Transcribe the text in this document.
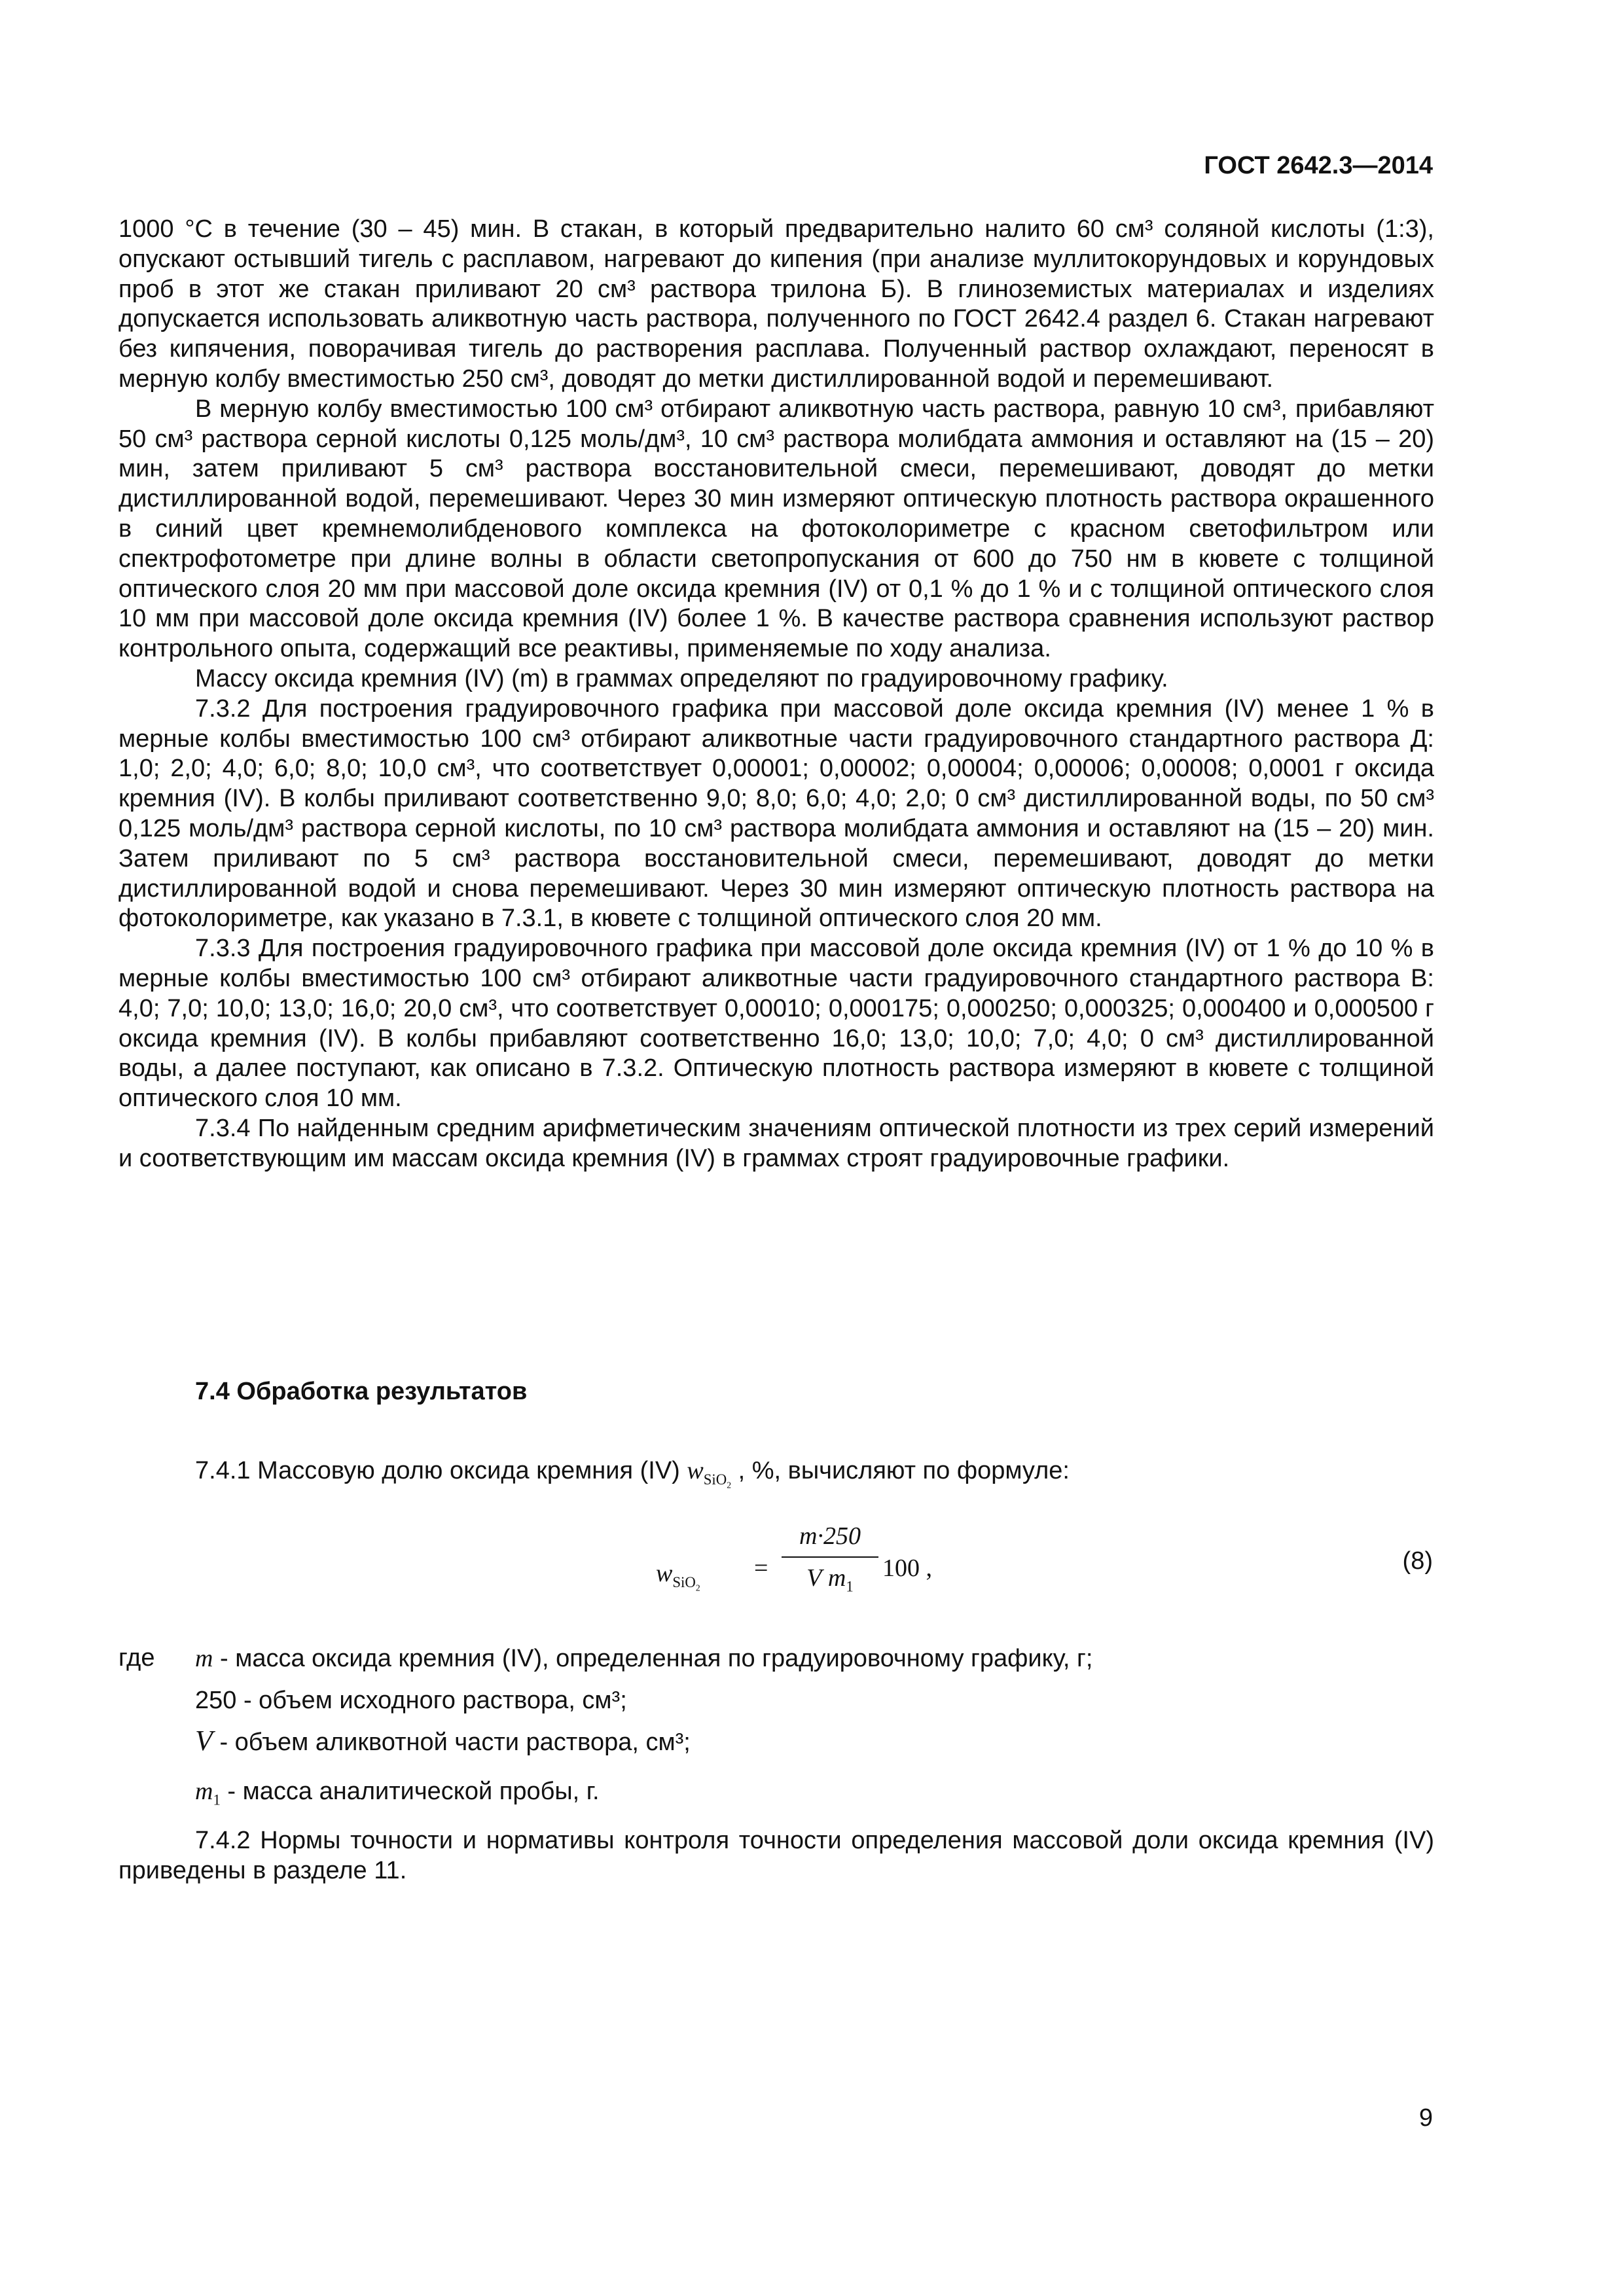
ГОСТ 2642.3—2014

1000 °C в течение (30 – 45) мин. В стакан, в который предварительно налито 60 см³ соляной кислоты (1:3), опускают остывший тигель с расплавом, нагревают до кипения (при анализе муллитокорундовых и корундовых проб в этот же стакан приливают 20 см³ раствора трилона Б). В глиноземистых материалах и изделиях допускается использовать аликвотную часть раствора, полученного по ГОСТ 2642.4 раздел 6. Стакан нагревают без кипячения, поворачивая тигель до растворения расплава. Полученный раствор охлаждают, переносят в мерную колбу вместимостью 250 см³, доводят до метки дистиллированной водой и перемешивают.

В мерную колбу вместимостью 100 см³ отбирают аликвотную часть раствора, равную 10 см³, прибавляют 50 см³ раствора серной кислоты 0,125 моль/дм³, 10 см³ раствора молибдата аммония и оставляют на (15 – 20) мин, затем приливают 5 см³ раствора восстановительной смеси, перемешивают, доводят до метки дистиллированной водой, перемешивают. Через 30 мин измеряют оптическую плотность раствора окрашенного в синий цвет кремнемолибденового комплекса на фотоколориметре с красном светофильтром или спектрофотометре при длине волны в области светопропускания от 600 до 750 нм в кювете с толщиной оптического слоя 20 мм при массовой доле оксида кремния (IV) от 0,1 % до 1 % и с толщиной оптического слоя 10 мм при массовой доле оксида кремния (IV) более 1 %. В качестве раствора сравнения используют раствор контрольного опыта, содержащий все реактивы, применяемые по ходу анализа.

Массу оксида кремния (IV) (m) в граммах определяют по градуировочному графику.

7.3.2 Для построения градуировочного графика при массовой доле оксида кремния (IV) менее 1 % в мерные колбы вместимостью 100 см³ отбирают аликвотные части градуировочного стандартного раствора Д: 1,0; 2,0; 4,0; 6,0; 8,0; 10,0 см³, что соответствует 0,00001; 0,00002; 0,00004; 0,00006; 0,00008; 0,0001 г оксида кремния (IV). В колбы приливают соответственно 9,0; 8,0; 6,0; 4,0; 2,0; 0 см³ дистиллированной воды, по 50 см³ 0,125 моль/дм³ раствора серной кислоты, по 10 см³ раствора молибдата аммония и оставляют на (15 – 20) мин. Затем приливают по 5 см³ раствора восстановительной смеси, перемешивают, доводят до метки дистиллированной водой и снова перемешивают. Через 30 мин измеряют оптическую плотность раствора на фотоколориметре, как указано в 7.3.1, в кювете с толщиной оптического слоя 20 мм.

7.3.3 Для построения градуировочного графика при массовой доле оксида кремния (IV) от 1 % до 10 % в мерные колбы вместимостью 100 см³ отбирают аликвотные части градуировочного стандартного раствора В: 4,0; 7,0; 10,0; 13,0; 16,0; 20,0 см³, что соответствует 0,00010; 0,000175; 0,000250; 0,000325; 0,000400 и 0,000500 г оксида кремния (IV). В колбы прибавляют соответственно 16,0; 13,0; 10,0; 7,0; 4,0; 0 см³ дистиллированной воды, а далее поступают, как описано в 7.3.2. Оптическую плотность раствора измеряют в кювете с толщиной оптического слоя 10 мм.

7.3.4 По найденным средним арифметическим значениям оптической плотности из трех серий измерений и соответствующим им массам оксида кремния (IV) в граммах строят градуировочные графики.

7.4 Обработка результатов
7.4.1 Массовую долю оксида кремния (IV) $w_{SiO_2}$ , %, вычисляют по формуле:
$w_{SiO_2}$
=
m·250
V $m_1$
100 ,	(8)
где m - масса оксида кремния (IV), определенная по градуировочному графику, г;
250 - объем исходного раствора, см³;
V - объем аликвотной части раствора, см³;
$m_1$ - масса аналитической пробы, г.

7.4.2 Нормы точности и нормативы контроля точности определения массовой доли оксида кремния (IV) приведены в разделе 11.

9
